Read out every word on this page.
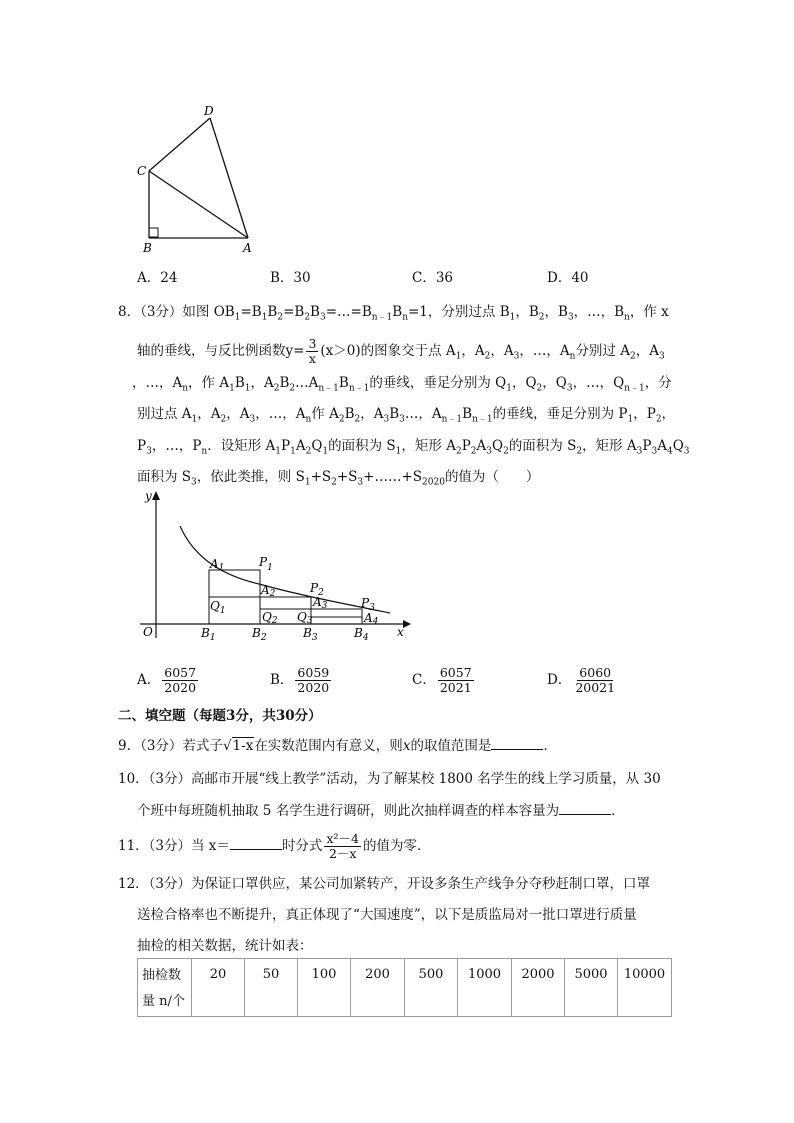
D
C
B	A
A．24	B．30	C．36	D．40
8．（3分）如图 $OB_1=B_1B_2=B_2B_3=\dots=B_{n﹣1}B_n=1$，分别过点 $B_1$，$B_2$，$B_3$，…，$B_n$，作 x
轴的垂线，与反比例函数$y= \frac{3}{x} (x>0)$的图象交于点 $A_1$，$A_2$，$A_3$，…，$A_n$分别过 $A_2$，$A_3$
，…，$A_n$，作 $A_1B_1$，$A_2B_2\dots A_{n﹣1}B_{n﹣1}$的垂线，垂足分别为 $Q_1$，$Q_2$，$Q_3$，…，$Q_{n﹣1}$，分
别过点 $A_1$，$A_2$，$A_3$，…，$A_n$作 $A_2B_2$，$A_3B_3\dots$，$A_{n﹣1}B_{n﹣1}$的垂线，垂足分别为 $P_1$，$P_2$，
$P_3$，…，$P_n$．设矩形 $A_1P_1A_2Q_1$的面积为 $S_1$，矩形 $A_2P_2A_3Q_2$的面积为 $S_2$，矩形 $A_3P_3A_4Q_3$
面积为 $S_3$，依此类推，则 $S_1+S_2+S_3+\dots\dots+S_{2020}$的值为（　　）
y
x
O
A1	$P_1$
A2	$P_2$
A3	$P_3$
A4
$Q_1$	Q2 Q3
$B_1$	$B_2$	$B_3$	$B_4$
A． $\frac{6057}{2020}$	B． $\frac{6059}{2020}$	C． $\frac{6057}{2021}$	D． $\frac{6060}{20021}$
二、填空题（每题3分，共30分）
9．（3分）若式子√1-x在实数范围内有意义，则x的取值范围是	．
10．（3分）高邮市开展“线上教学”活动，为了解某校 1800 名学生的线上学习质量，从 30
个班中每班随机抽取 5 名学生进行调研，则此次抽样调查的样本容量为	．
11．（3分）当 x＝	时分式 $\frac{\text{x²－4}}{2-x}$ 的值为零．
12．（3分）为保证口罩供应，某公司加紧转产，开设多条生产线争分夺秒赶制口罩，口罩
送检合格率也不断提升，真正体现了“大国速度”，以下是质监局对一批口罩进行质量
抽检的相关数据，统计如表：
抽检数
量 n/个
	20	50	100	200	500	1000	2000	5000	10000
